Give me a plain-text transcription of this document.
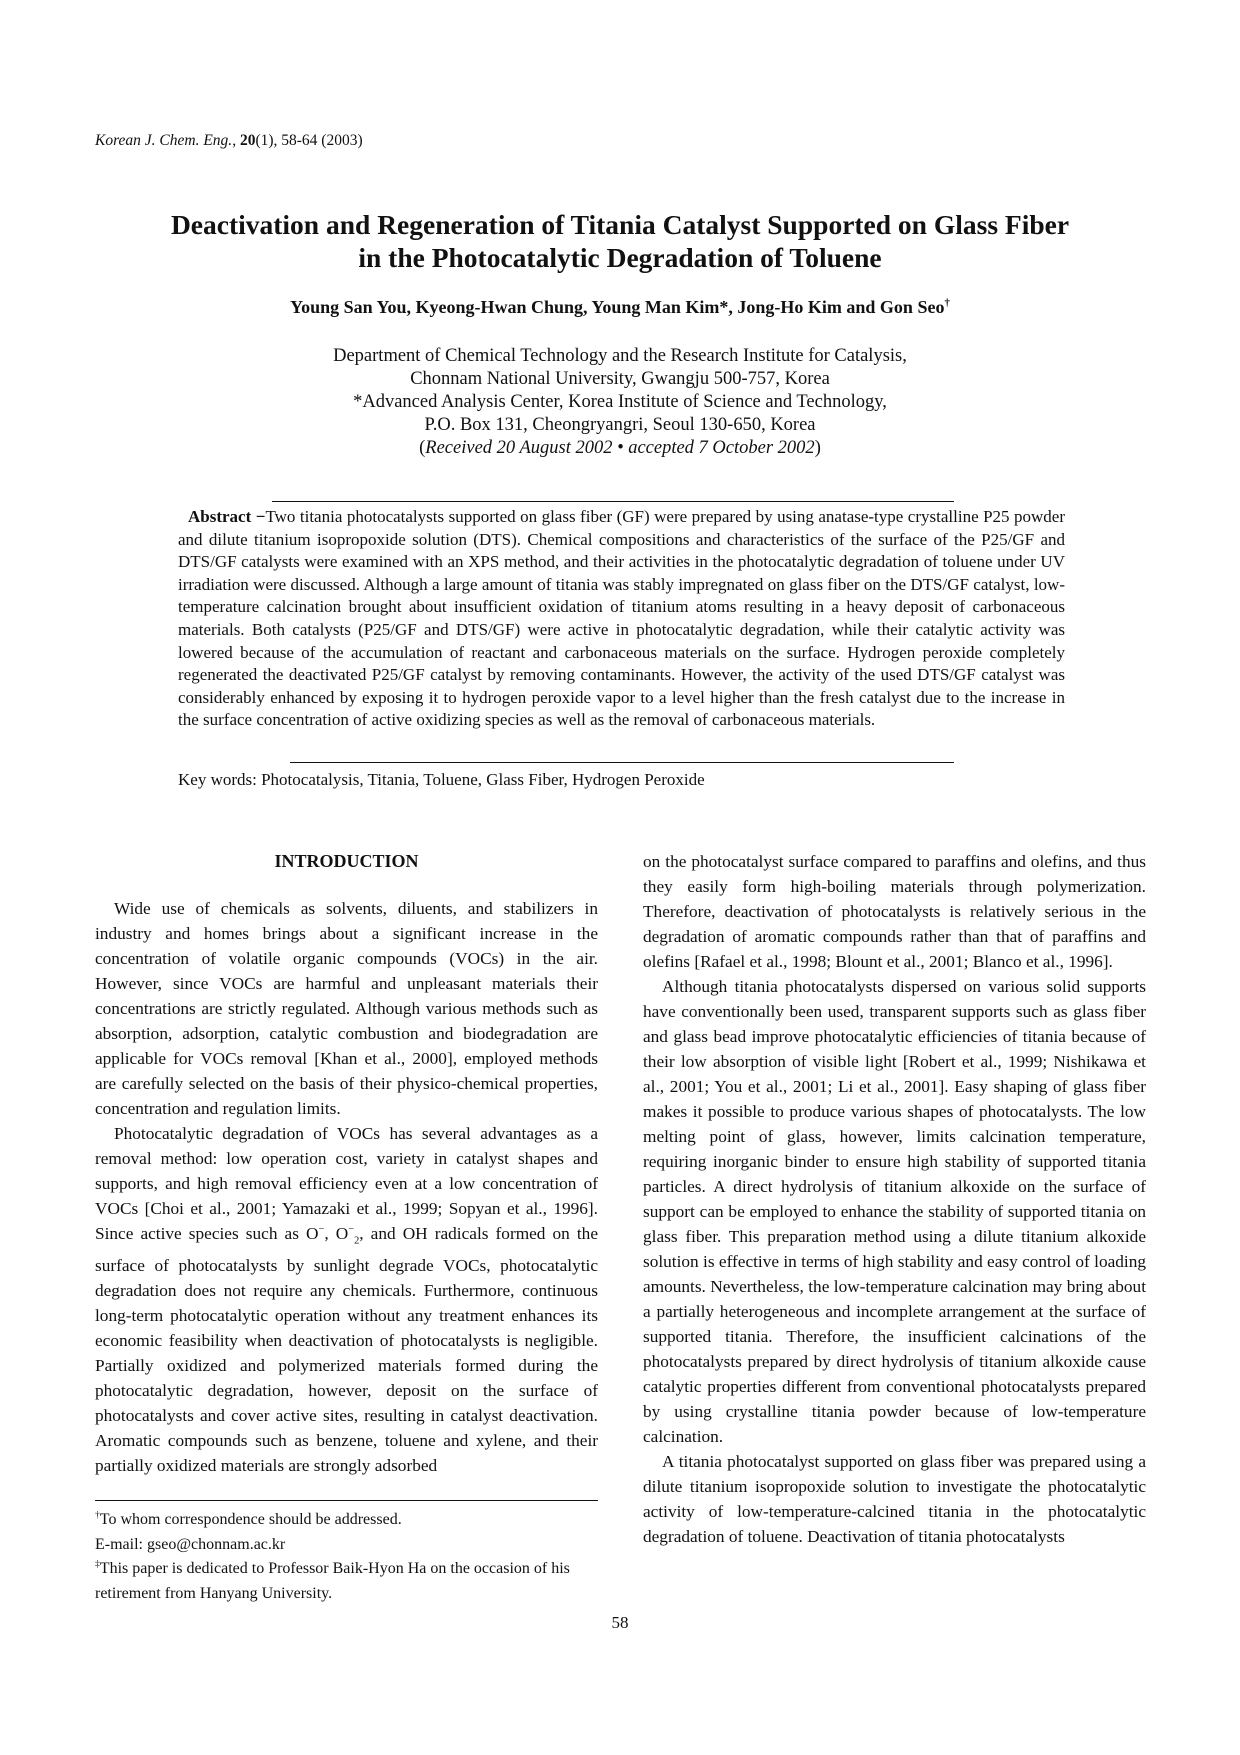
Korean J. Chem. Eng., 20(1), 58-64 (2003)
Deactivation and Regeneration of Titania Catalyst Supported on Glass Fiber
in the Photocatalytic Degradation of Toluene
Young San You, Kyeong-Hwan Chung, Young Man Kim*, Jong-Ho Kim and Gon Seo†
Department of Chemical Technology and the Research Institute for Catalysis,
Chonnam National University, Gwangju 500-757, Korea
*Advanced Analysis Center, Korea Institute of Science and Technology,
P.O. Box 131, Cheongryangri, Seoul 130-650, Korea
(Received 20 August 2002 • accepted 7 October 2002)
Abstract −Two titania photocatalysts supported on glass fiber (GF) were prepared by using anatase-type crystalline P25 powder and dilute titanium isopropoxide solution (DTS). Chemical compositions and characteristics of the surface of the P25/GF and DTS/GF catalysts were examined with an XPS method, and their activities in the photocatalytic degradation of toluene under UV irradiation were discussed. Although a large amount of titania was stably impregnated on glass fiber on the DTS/GF catalyst, low-temperature calcination brought about insufficient oxidation of titanium atoms resulting in a heavy deposit of carbonaceous materials. Both catalysts (P25/GF and DTS/GF) were active in photocatalytic degradation, while their catalytic activity was lowered because of the accumulation of reactant and carbonaceous materials on the surface. Hydrogen peroxide completely regenerated the deactivated P25/GF catalyst by removing contaminants. However, the activity of the used DTS/GF catalyst was considerably enhanced by exposing it to hydrogen peroxide vapor to a level higher than the fresh catalyst due to the increase in the surface concentration of active oxidizing species as well as the removal of carbonaceous materials.
Key words: Photocatalysis, Titania, Toluene, Glass Fiber, Hydrogen Peroxide
INTRODUCTION

Wide use of chemicals as solvents, diluents, and stabilizers in industry and homes brings about a significant increase in the concentration of volatile organic compounds (VOCs) in the air. However, since VOCs are harmful and unpleasant materials their concentrations are strictly regulated. Although various methods such as absorption, adsorption, catalytic combustion and biodegradation are applicable for VOCs removal [Khan et al., 2000], employed methods are carefully selected on the basis of their physico-chemical properties, concentration and regulation limits.

Photocatalytic degradation of VOCs has several advantages as a removal method: low operation cost, variety in catalyst shapes and supports, and high removal efficiency even at a low concentration of VOCs [Choi et al., 2001; Yamazaki et al., 1999; Sopyan et al., 1996]. Since active species such as O−, $O^-_2$, and OH radicals formed on the surface of photocatalysts by sunlight degrade VOCs, photocatalytic degradation does not require any chemicals. Furthermore, continuous long-term photocatalytic operation without any treatment enhances its economic feasibility when deactivation of photocatalysts is negligible. Partially oxidized and polymerized materials formed during the photocatalytic degradation, however, deposit on the surface of photocatalysts and cover active sites, resulting in catalyst deactivation. Aromatic compounds such as benzene, toluene and xylene, and their partially oxidized materials are strongly adsorbed

on the photocatalyst surface compared to paraffins and olefins, and thus they easily form high-boiling materials through polymerization. Therefore, deactivation of photocatalysts is relatively serious in the degradation of aromatic compounds rather than that of paraffins and olefins [Rafael et al., 1998; Blount et al., 2001; Blanco et al., 1996].

Although titania photocatalysts dispersed on various solid supports have conventionally been used, transparent supports such as glass fiber and glass bead improve photocatalytic efficiencies of titania because of their low absorption of visible light [Robert et al., 1999; Nishikawa et al., 2001; You et al., 2001; Li et al., 2001]. Easy shaping of glass fiber makes it possible to produce various shapes of photocatalysts. The low melting point of glass, however, limits calcination temperature, requiring inorganic binder to ensure high stability of supported titania particles. A direct hydrolysis of titanium alkoxide on the surface of support can be employed to enhance the stability of supported titania on glass fiber. This preparation method using a dilute titanium alkoxide solution is effective in terms of high stability and easy control of loading amounts. Nevertheless, the low-temperature calcination may bring about a partially heterogeneous and incomplete arrangement at the surface of supported titania. Therefore, the insufficient calcinations of the photocatalysts prepared by direct hydrolysis of titanium alkoxide cause catalytic properties different from conventional photocatalysts prepared by using crystalline titania powder because of low-temperature calcination.

A titania photocatalyst supported on glass fiber was prepared using a dilute titanium isopropoxide solution to investigate the photocatalytic activity of low-temperature-calcined titania in the photocatalytic degradation of toluene. Deactivation of titania photocatalysts

†To whom correspondence should be addressed.
E-mail: gseo@chonnam.ac.kr
‡This paper is dedicated to Professor Baik-Hyon Ha on the occasion of his retirement from Hanyang University.
58
